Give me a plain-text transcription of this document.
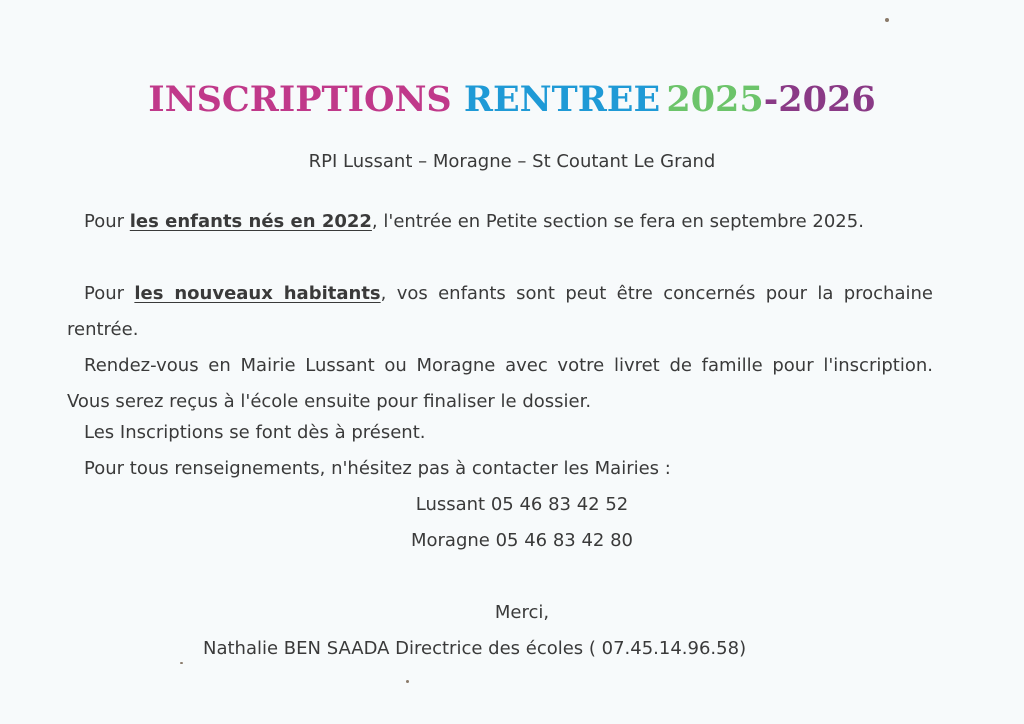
INSCRIPTIONS RENTREE 2025-2026
RPI Lussant – Moragne – St Coutant Le Grand

Pour les enfants nés en 2022, l'entrée en Petite section se fera en septembre 2025.

Pour les nouveaux habitants, vos enfants sont peut être concernés pour la prochaine rentrée.

Rendez-vous en Mairie Lussant ou Moragne avec votre livret de famille pour l'inscription. Vous serez reçus à l'école ensuite pour finaliser le dossier.

Les Inscriptions se font dès à présent.
Pour tous renseignements, n'hésitez pas à contacter les Mairies :
Lussant 05 46 83 42 52
Moragne 05 46 83 42 80
Merci,
Nathalie BEN SAADA Directrice des écoles ( 07.45.14.96.58)
